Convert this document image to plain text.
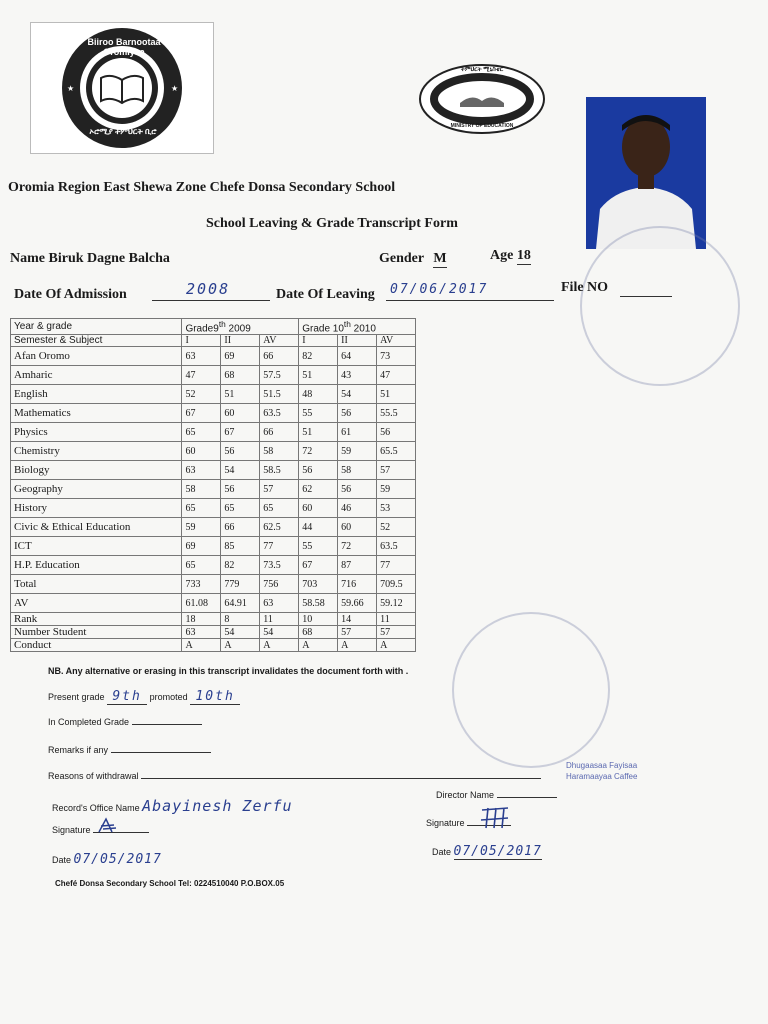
★	★
Biiroo Barnootaa Oromiyaa
ኦሮሚያ ትምህርት ቢሮ
ትምህርት ሚኒስቴር
MINISTRY OF EDUCATION
Oromia Region East Shewa Zone Chefe Donsa Secondary School
School Leaving & Grade Transcript Form
Name Biruk Dagne Balcha	Gender M	Age 18
Date Of Admission	2008	Date Of Leaving 07/06/2017	File NO
Year & grade	Grade9th 2009			Grade 10th 2010		
Semester & Subject	I	II	AV	I	II	AV
Afan Oromo	63	69	66	82	64	73
Amharic	47	68	57.5	51	43	47
English	52	51	51.5	48	54	51
Mathematics	67	60	63.5	55	56	55.5
Physics	65	67	66	51	61	56
Chemistry	60	56	58	72	59	65.5
Biology	63	54	58.5	56	58	57
Geography	58	56	57	62	56	59
History	65	65	65	60	46	53
Civic & Ethical Education	59	66	62.5	44	60	52
ICT	69	85	77	55	72	63.5
H.P. Education	65	82	73.5	67	87	77
Total	733	779	756	703	716	709.5
AV	61.08	64.91	63	58.58	59.66	59.12
Rank	18	8	11	10	14	11
Number Student	63	54	54	68	57	57
Conduct	A	A	A	A	A	A
NB. Any alternative or erasing in this transcript invalidates the document forth with .
Present grade 9th promoted 10th
In Completed Grade
Remarks if any
Reasons of withdrawal
Record's Office Name Abayinesh Zerfu
Director Name
Signature
Signature
Dhugaasaa Fayisaa
Haramaayaa Caffee
Date 07/05/2017	Date 07/05/2017
Chefé Donsa Secondary School Tel: 0224510040 P.O.BOX.05
